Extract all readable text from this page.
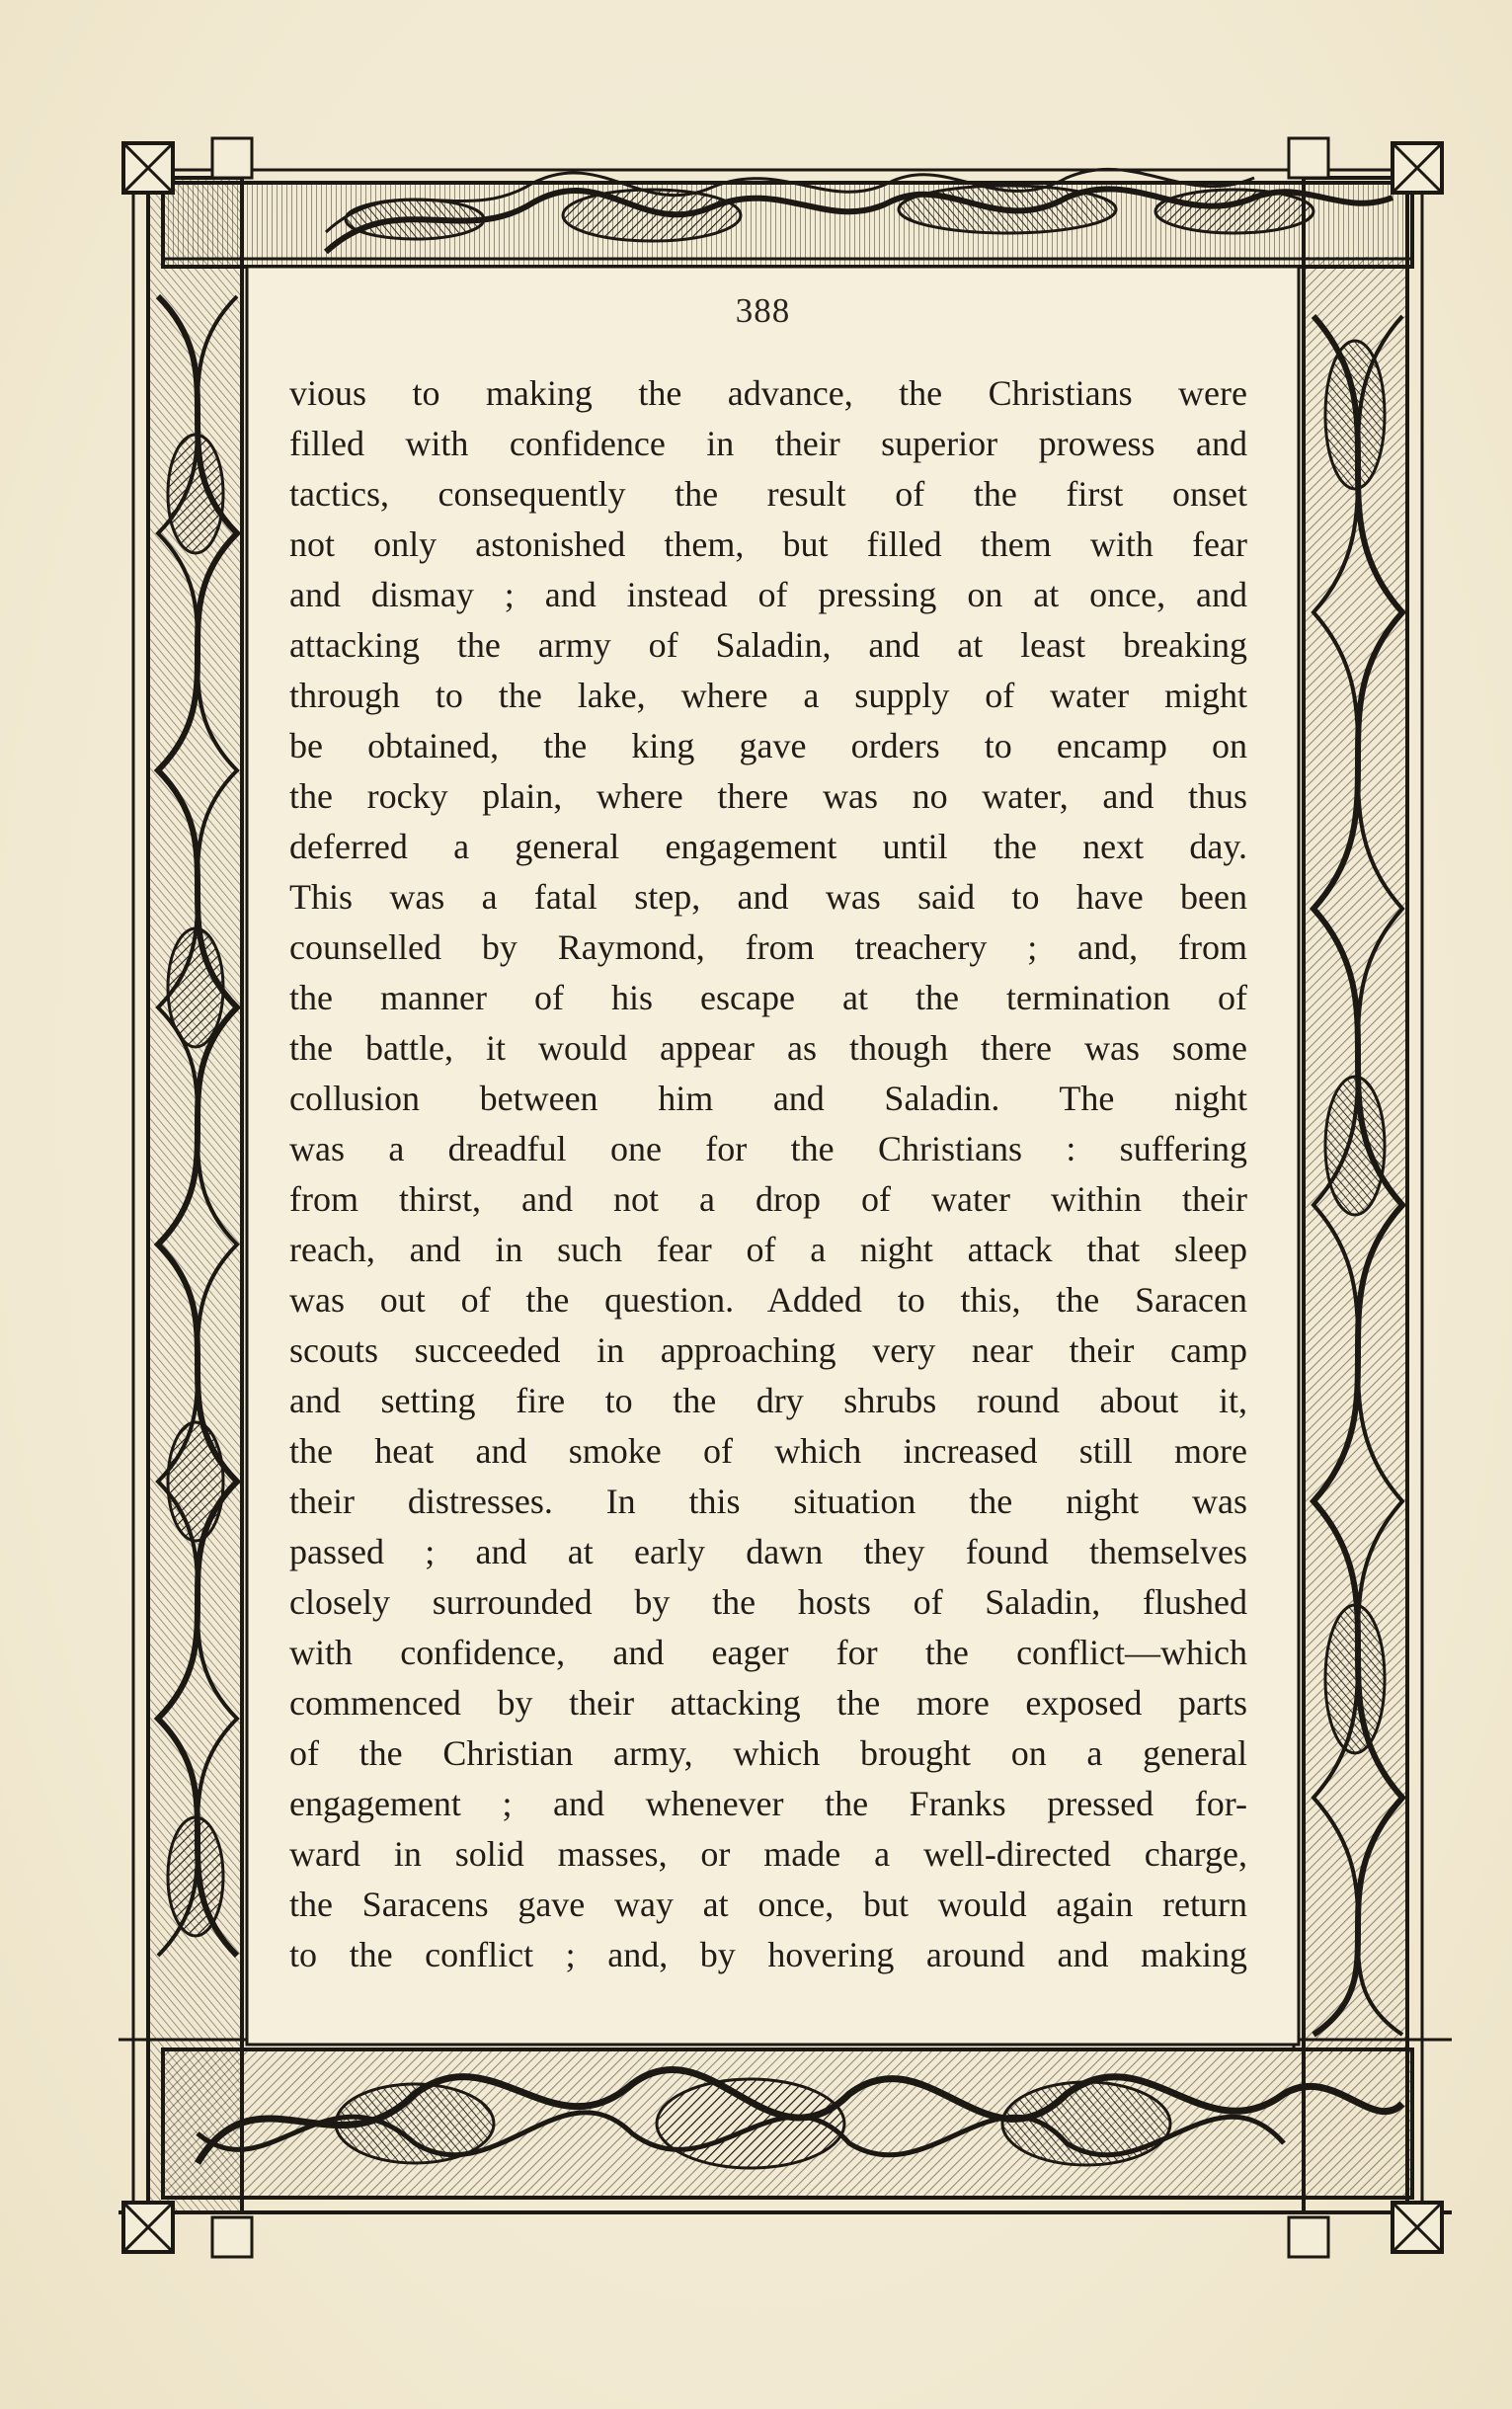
388
vious to making the advance, the Christians were
filled with confidence in their superior prowess and
tactics, consequently the result of the first onset
not only astonished them, but filled them with fear
and dismay ; and instead of pressing on at once, and
attacking the army of Saladin, and at least breaking
through to the lake, where a supply of water might
be obtained, the king gave orders to encamp on
the rocky plain, where there was no water, and thus
deferred a general engagement until the next day.
This was a fatal step, and was said to have been
counselled by Raymond, from treachery ; and, from
the manner of his escape at the termination of
the battle, it would appear as though there was some
collusion between him and Saladin. The night
was a dreadful one for the Christians : suffering
from thirst, and not a drop of water within their
reach, and in such fear of a night attack that sleep
was out of the question. Added to this, the Saracen
scouts succeeded in approaching very near their camp
and setting fire to the dry shrubs round about it,
the heat and smoke of which increased still more
their distresses. In this situation the night was
passed ; and at early dawn they found themselves
closely surrounded by the hosts of Saladin, flushed
with confidence, and eager for the conflict—which
commenced by their attacking the more exposed parts
of the Christian army, which brought on a general
engagement ; and whenever the Franks pressed for-
ward in solid masses, or made a well-directed charge,
the Saracens gave way at once, but would again return
to the conflict ; and, by hovering around and making
